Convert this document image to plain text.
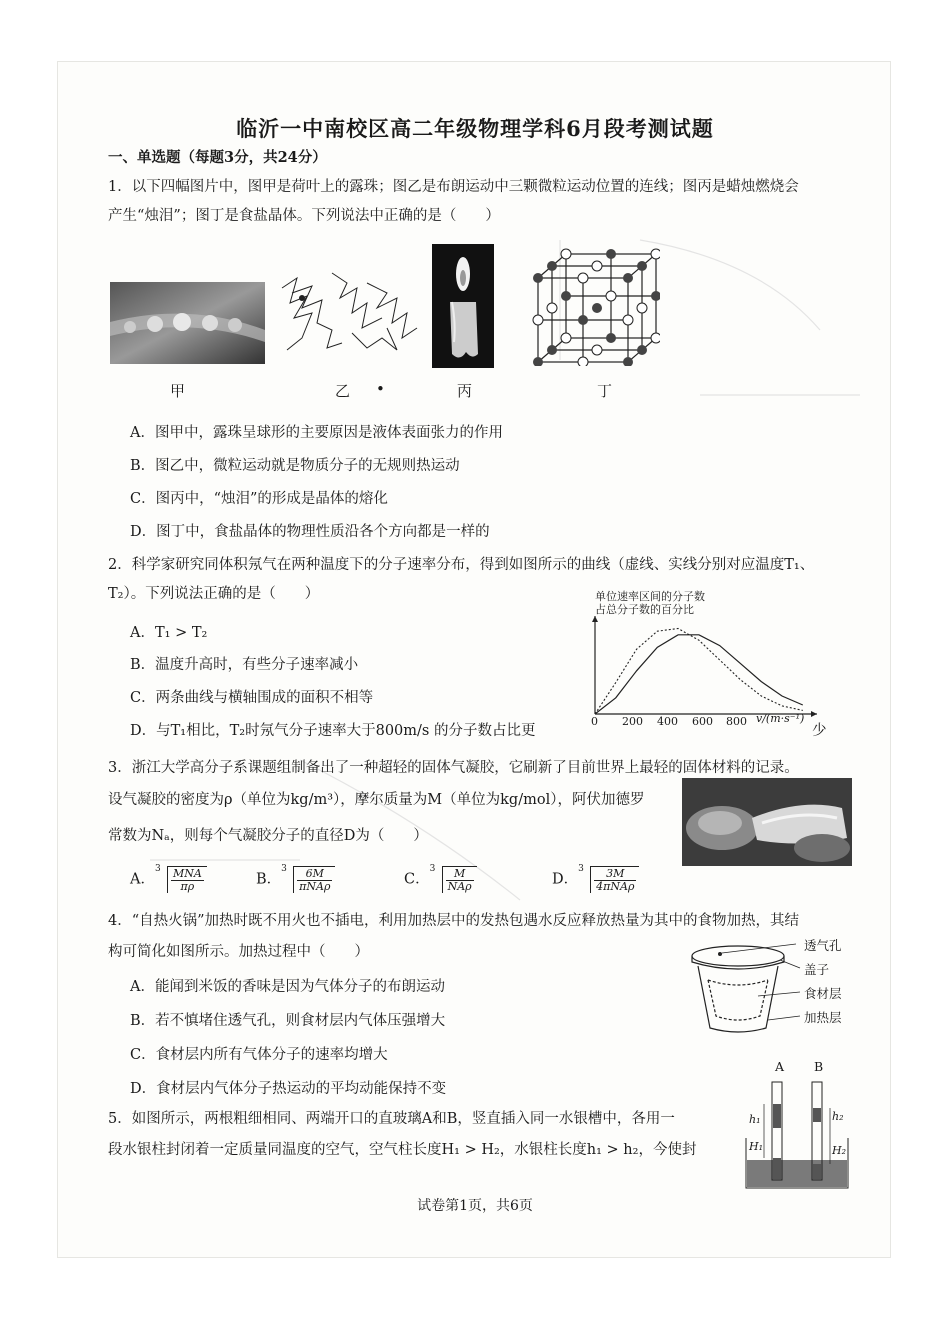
临沂一中南校区高二年级物理学科6月段考测试题
一、单选题（每题3分，共24分）
1．以下四幅图片中，图甲是荷叶上的露珠；图乙是布朗运动中三颗微粒运动位置的连线；图丙是蜡烛燃烧会
产生“烛泪”；图丁是食盐晶体。下列说法中正确的是（　　）
乙 •
甲	丙	丁
A．图甲中，露珠呈球形的主要原因是液体表面张力的作用
B．图乙中，微粒运动就是物质分子的无规则热运动
C．图丙中，“烛泪”的形成是晶体的熔化
D．图丁中，食盐晶体的物理性质沿各个方向都是一样的
2．科学家研究同体积氖气在两种温度下的分子速率分布，得到如图所示的曲线（虚线、实线分别对应温度T₁、
T₂）。下列说法正确的是（　　）
A．T₁ > T₂
B．温度升高时，有些分子速率减小
C．两条曲线与横轴围成的面积不相等
D．与T₁相比，T₂时氖气分子速率大于800m/s 的分子数占比更	少
单位速率区间的分子数
占总分子数的百分比
0 200 400 600 800 v/(m·s⁻¹)
3．浙江大学高分子系课题组制备出了一种超轻的固体气凝胶，它刷新了目前世界上最轻的固体材料的记录。
设气凝胶的密度为ρ（单位为kg/m³），摩尔质量为M（单位为kg/mol），阿伏加德罗
常数为Nₐ，则每个气凝胶分子的直径D为（　　）
A．
$3 \frac{\text{MNA}}{\pi\rho}$	B．
$3 \frac{6M}{\text{πNAρ}}$	C．
$3 \frac{M}{\text{NAρ}}$	D．
$3 \frac{3M}{\text{4πNAρ}}$
4．“自热火锅”加热时既不用火也不插电，利用加热层中的发热包遇水反应释放热量为其中的食物加热，其结
构可简化如图所示。加热过程中（　　）
A．能闻到米饭的香味是因为气体分子的布朗运动
B．若不慎堵住透气孔，则食材层内气体压强增大
C．食材层内所有气体分子的速率均增大
D．食材层内气体分子热运动的平均动能保持不变
透气孔
盖子
食材层
加热层
5．如图所示，两根粗细相同、两端开口的直玻璃A和B，竖直插入同一水银槽中，各用一
段水银柱封闭着一定质量同温度的空气，空气柱长度H₁ > H₂，水银柱长度h₁ > h₂，今使封
A B
h₁	h₂
H₁	H₂
试卷第1页，共6页
